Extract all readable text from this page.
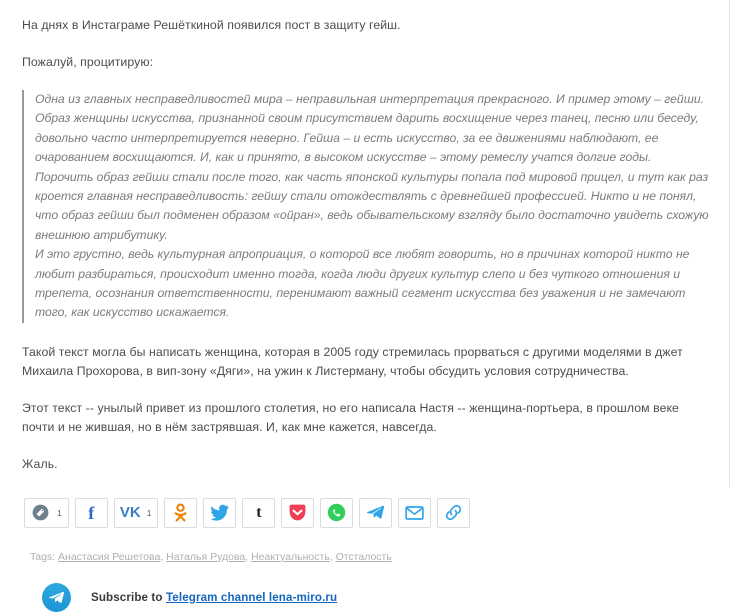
На днях в Инстаграме Решёткиной появился пост в защиту гейш.

Пожалуй, процитирую:

Одна из главных несправедливостей мира – неправильная интерпретация прекрасного. И пример этому – гейши. Образ женщины искусства, признанной своим присутствием дарить восхищение через танец, песню или беседу, довольно часто интерпретируется неверно. Гейша – и есть искусство, за ее движениями наблюдают, ее очарованием восхищаются. И, как и принято, в высоком искусстве – этому ремеслу учатся долгие годы.

Порочить образ гейши стали после того, как часть японской культуры попала под мировой прицел, и тут как раз кроется главная несправедливость: гейшу стали отождествлять с древнейшей профессией. Никто и не понял, что образ гейши был подменен образом «ойран», ведь обывательскому взгляду было достаточно увидеть схожую внешнюю атрибутику.

И это грустно, ведь культурная апроприация, о которой все любят говорить, но в причинах которой никто не любит разбираться, происходит именно тогда, когда люди других культур слепо и без чуткого отношения и трепета, осознания ответственности, перенимают важный сегмент искусства без уважения и не замечают того, как искусство искажается.

Такой текст могла бы написать женщина, которая в 2005 году стремилась прорваться с другими моделями в джет Михаила Прохорова, в вип-зону «Дяги», на ужин к Листерману, чтобы обсудить условия сотрудничества.

Этот текст -- унылый привет из прошлого столетия, но его написала Настя -- женщина-портьера, в прошлом веке почти и не жившая, но в нём застрявшая. И, как мне кажется, навсегда.

Жаль.

1 f VK 1	t
Tags: Анастасия Решетова, Наталья Рудова, Неактуальность, Отсталость
Subscribe to Telegram channel lena-miro.ru
